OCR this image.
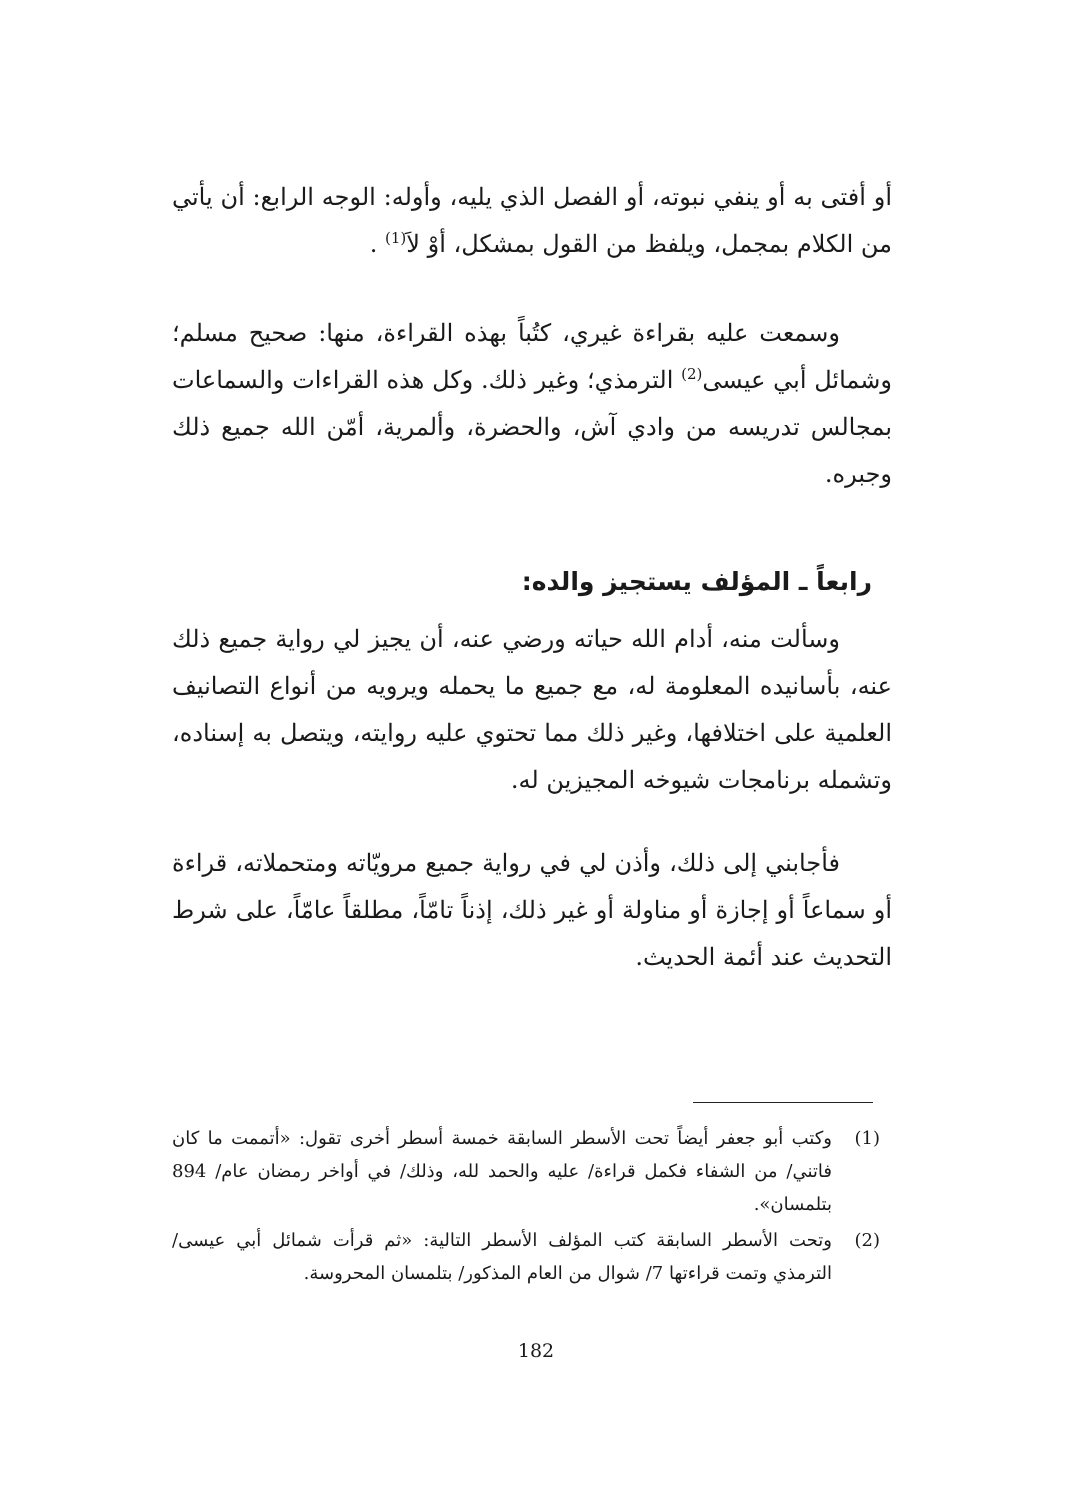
أو أفتى به أو ينفي نبوته، أو الفصل الذي يليه، وأوله: الوجه الرابع: أن يأتي من الكلام بمجمل، ويلفظ من القول بمشكل، أوْ لاَ$^{(1)}$ .

وسمعت عليه بقراءة غيري، كتُباً بهذه القراءة، منها: صحيح مسلم؛ وشمائل أبي عيسى$^{(2)}$ الترمذي؛ وغير ذلك. وكل هذه القراءات والسماعات بمجالس تدريسه من وادي آش، والحضرة، وألمرية، أمّن الله جميع ذلك وجبره.

رابعاً ـ المؤلف يستجيز والده:

وسألت منه، أدام الله حياته ورضي عنه، أن يجيز لي رواية جميع ذلك عنه، بأسانيده المعلومة له، مع جميع ما يحمله ويرويه من أنواع التصانيف العلمية على اختلافها، وغير ذلك مما تحتوي عليه روايته، ويتصل به إسناده، وتشمله برنامجات شيوخه المجيزين له.

فأجابني إلى ذلك، وأذن لي في رواية جميع مرويّاته ومتحملاته، قراءة أو سماعاً أو إجازة أو مناولة أو غير ذلك، إذناً تامّاً، مطلقاً عامّاً، على شرط التحديث عند أئمة الحديث.

(1)
وكتب أبو جعفر أيضاً تحت الأسطر السابقة خمسة أسطر أخرى تقول: «أتممت ما كان فاتني/ من الشفاء فكمل قراءة/ عليه والحمد لله، وذلك/ في أواخر رمضان عام/ 894 بتلمسان».
(2)
وتحت الأسطر السابقة كتب المؤلف الأسطر التالية: «ثم قرأت شمائل أبي عيسى/ الترمذي وتمت قراءتها 7/ شوال من العام المذكور/ بتلمسان المحروسة.
182
